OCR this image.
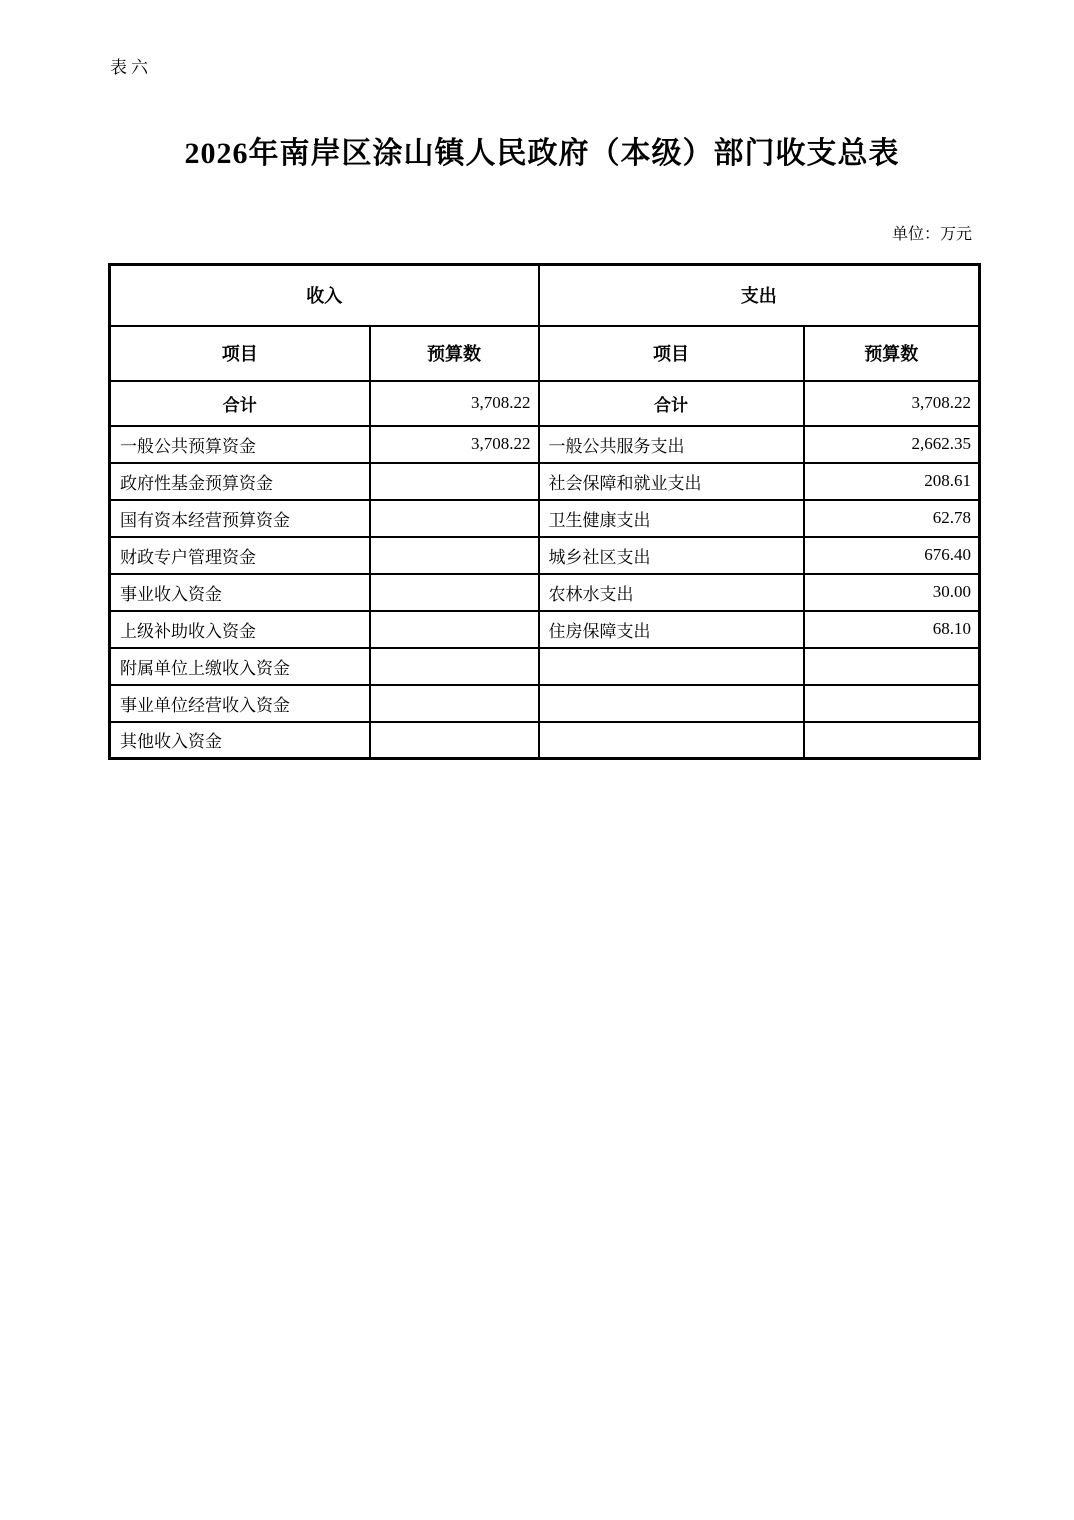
表六
2026年南岸区涂山镇人民政府（本级）部门收支总表
单位：万元
收入		支出	
项目	预算数	项目	预算数
合计	3,708.22	合计	3,708.22
一般公共预算资金	3,708.22	一般公共服务支出	2,662.35
政府性基金预算资金		社会保障和就业支出	208.61
国有资本经营预算资金		卫生健康支出	62.78
财政专户管理资金		城乡社区支出	676.40
事业收入资金		农林水支出	30.00
上级补助收入资金		住房保障支出	68.10
附属单位上缴收入资金			
事业单位经营收入资金			
其他收入资金			
